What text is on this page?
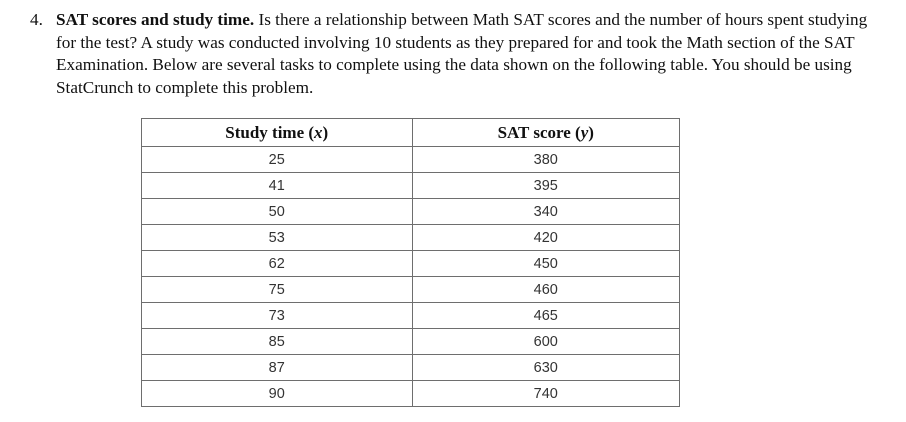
4. SAT scores and study time. Is there a relationship between Math SAT scores and the number of hours spent studying for the test? A study was conducted involving 10 students as they prepared for and took the Math section of the SAT Examination. Below are several tasks to complete using the data shown on the following table. You should be using StatCrunch to complete this problem.
Study time (x)	SAT score (y)
25	380
41	395
50	340
53	420
62	450
75	460
73	465
85	600
87	630
90	740
